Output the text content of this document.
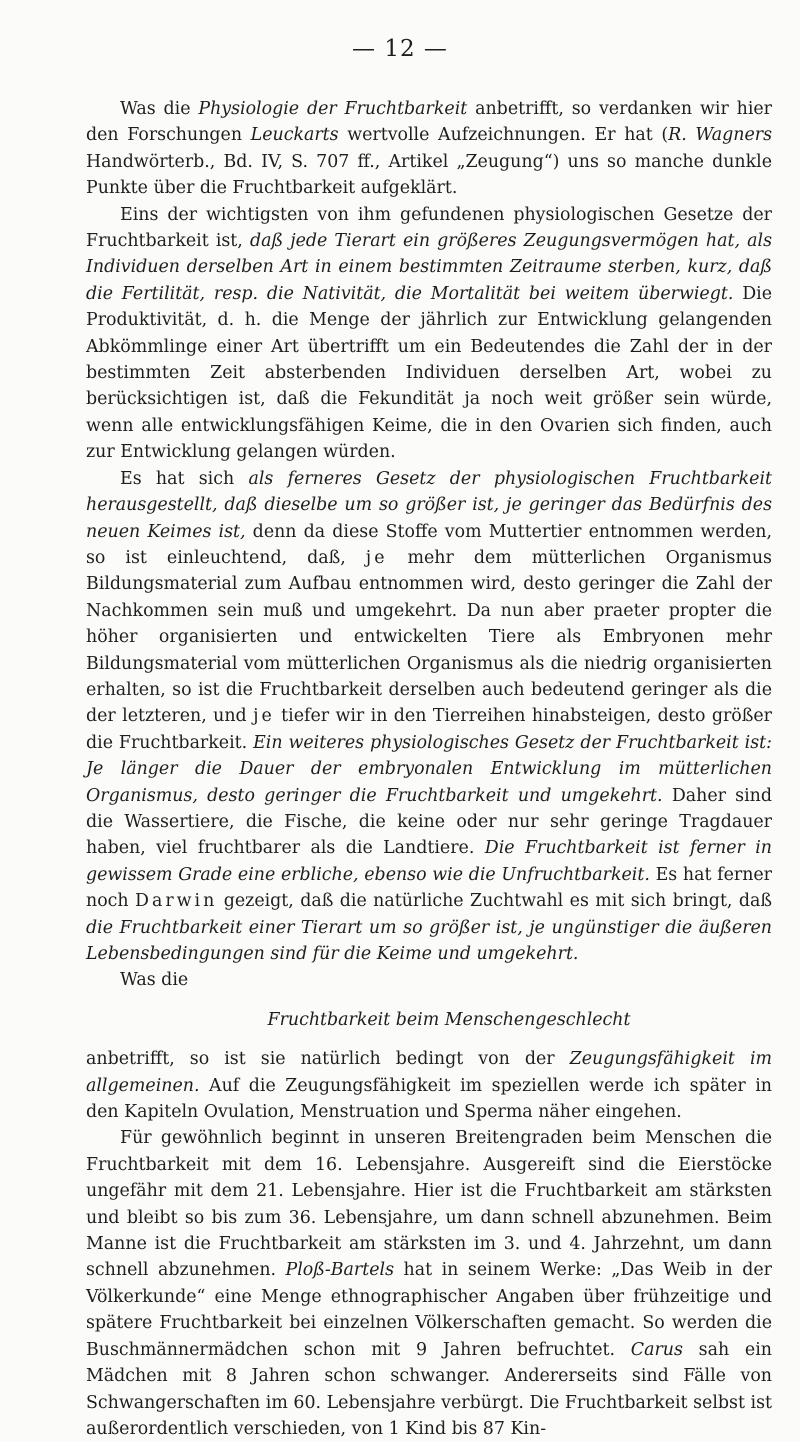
— 12 —

Was die Physiologie der Fruchtbarkeit anbetrifft, so verdanken wir hier den Forschungen Leuckarts wertvolle Aufzeichnungen. Er hat (R. Wagners Handwörterb., Bd. IV, S. 707 ff., Artikel „Zeugung“) uns so manche dunkle Punkte über die Fruchtbarkeit aufgeklärt.

Eins der wichtigsten von ihm gefundenen physiologischen Gesetze der Fruchtbarkeit ist, daß jede Tierart ein größeres Zeugungsvermögen hat, als Individuen derselben Art in einem bestimmten Zeitraume sterben, kurz, daß die Fertilität, resp. die Nativität, die Mortalität bei weitem überwiegt. Die Produktivität, d. h. die Menge der jährlich zur Entwicklung gelangenden Abkömmlinge einer Art übertrifft um ein Bedeutendes die Zahl der in der bestimmten Zeit absterbenden Individuen derselben Art, wobei zu berücksichtigen ist, daß die Fekundität ja noch weit größer sein würde, wenn alle entwicklungsfähigen Keime, die in den Ovarien sich finden, auch zur Entwicklung gelangen würden.

Es hat sich als ferneres Gesetz der physiologischen Fruchtbarkeit herausgestellt, daß dieselbe um so größer ist, je geringer das Bedürfnis des neuen Keimes ist, denn da diese Stoffe vom Muttertier entnommen werden, so ist einleuchtend, daß, je mehr dem mütterlichen Organismus Bildungsmaterial zum Aufbau entnommen wird, desto geringer die Zahl der Nachkommen sein muß und umgekehrt. Da nun aber praeter propter die höher organisierten und entwickelten Tiere als Embryonen mehr Bildungsmaterial vom mütterlichen Organismus als die niedrig organisierten erhalten, so ist die Fruchtbarkeit derselben auch bedeutend geringer als die der letzteren, und je tiefer wir in den Tierreihen hinabsteigen, desto größer die Fruchtbarkeit. Ein weiteres physiologisches Gesetz der Fruchtbarkeit ist: Je länger die Dauer der embryonalen Entwicklung im mütterlichen Organismus, desto geringer die Fruchtbarkeit und umgekehrt. Daher sind die Wassertiere, die Fische, die keine oder nur sehr geringe Tragdauer haben, viel fruchtbarer als die Landtiere. Die Fruchtbarkeit ist ferner in gewissem Grade eine erbliche, ebenso wie die Unfruchtbarkeit. Es hat ferner noch Darwin gezeigt, daß die natürliche Zuchtwahl es mit sich bringt, daß die Fruchtbarkeit einer Tierart um so größer ist, je ungünstiger die äußeren Lebensbedingungen sind für die Keime und umgekehrt.

Was die

Fruchtbarkeit beim Menschengeschlecht

anbetrifft, so ist sie natürlich bedingt von der Zeugungsfähigkeit im allgemeinen. Auf die Zeugungsfähigkeit im speziellen werde ich später in den Kapiteln Ovulation, Menstruation und Sperma näher eingehen.

Für gewöhnlich beginnt in unseren Breitengraden beim Menschen die Fruchtbarkeit mit dem 16. Lebensjahre. Ausgereift sind die Eierstöcke ungefähr mit dem 21. Lebensjahre. Hier ist die Fruchtbarkeit am stärksten und bleibt so bis zum 36. Lebensjahre, um dann schnell abzunehmen. Beim Manne ist die Fruchtbarkeit am stärksten im 3. und 4. Jahrzehnt, um dann schnell abzunehmen. Ploß-Bartels hat in seinem Werke: „Das Weib in der Völkerkunde“ eine Menge ethnographischer Angaben über frühzeitige und spätere Fruchtbarkeit bei einzelnen Völkerschaften gemacht. So werden die Buschmännermädchen schon mit 9 Jahren befruchtet. Carus sah ein Mädchen mit 8 Jahren schon schwanger. Andererseits sind Fälle von Schwangerschaften im 60. Lebensjahre verbürgt. Die Fruchtbarkeit selbst ist außerordentlich verschieden, von 1 Kind bis 87 Kin-
